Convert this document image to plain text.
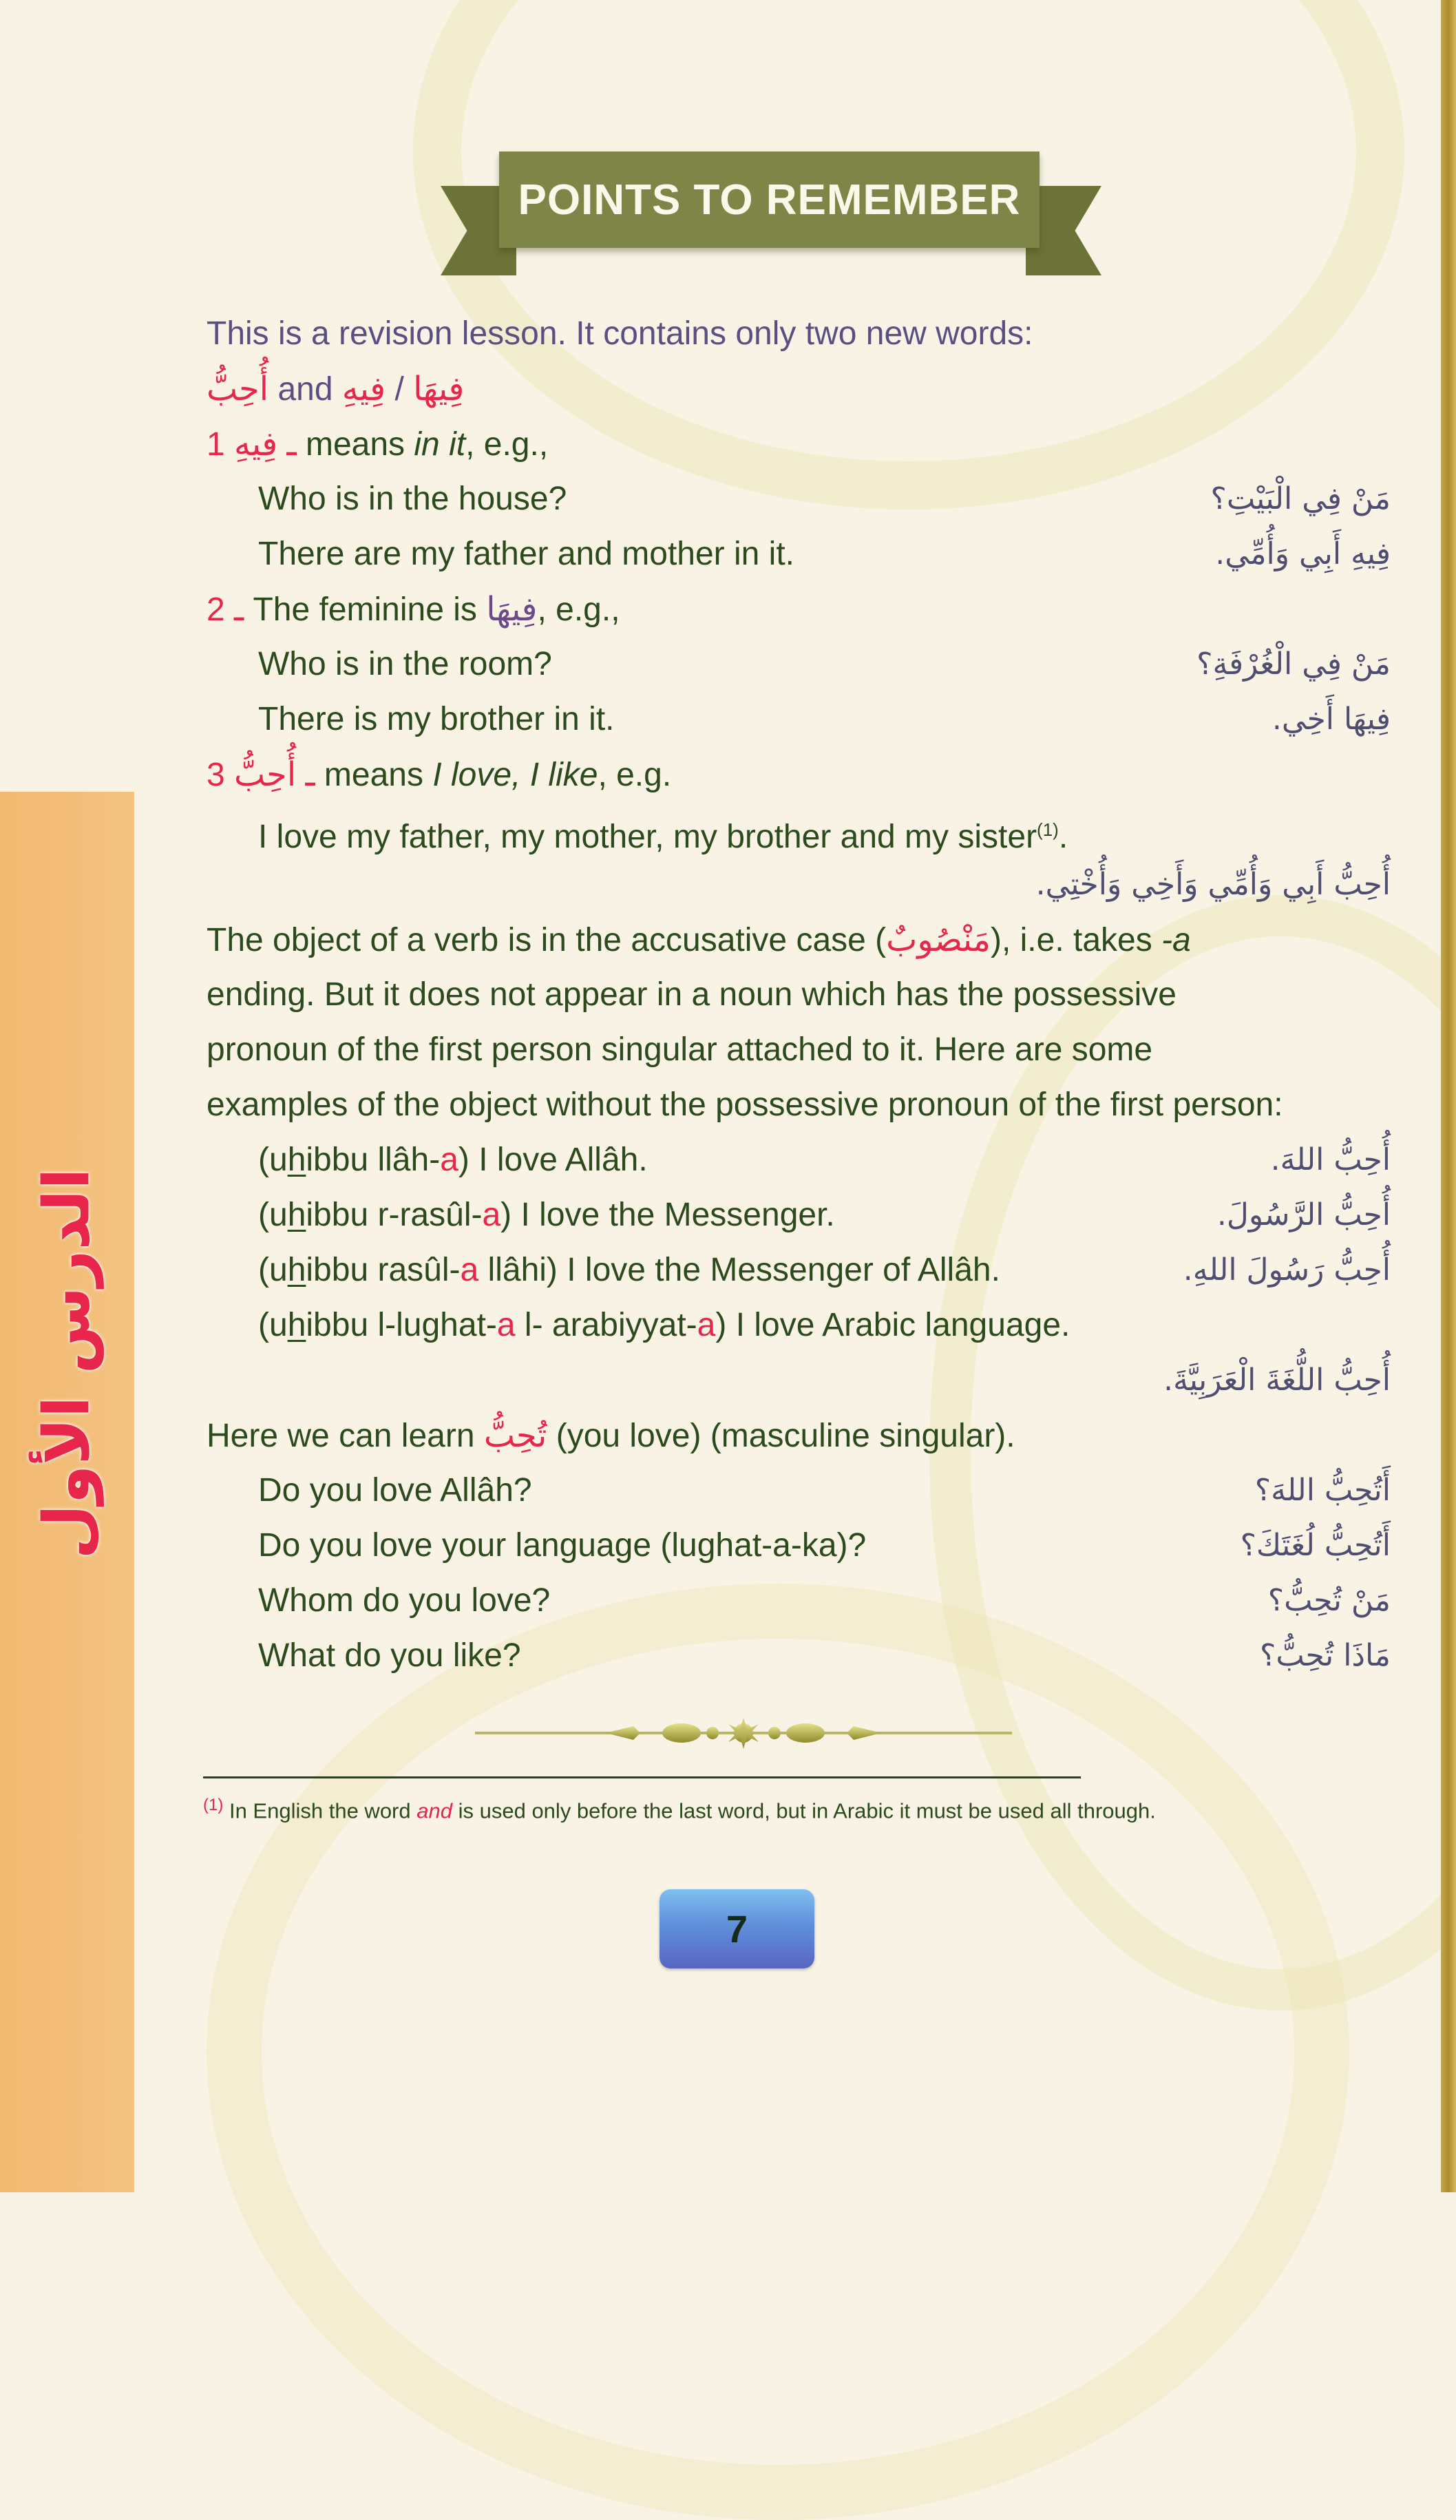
الدرس الأول
POINTS TO REMEMBER
This is a revision lesson. It contains only two new words:
أُحِبُّ and فِيهَا / فِيهِ
1 ـ فِيهِ means in it, e.g.,
Who is in the house?	مَنْ فِي الْبَيْتِ؟
There are my father and mother in it.	فِيهِ أَبِي وَأُمِّي.
2 ـ The feminine is فِيهَا, e.g.,
Who is in the room?	مَنْ فِي الْغُرْفَةِ؟
There is my brother in it.	فِيهَا أَخِي.
3 ـ أُحِبُّ means I love, I like, e.g.
I love my father, my mother, my brother and my sister$^{(1)}$.
أُحِبُّ أَبِي وَأُمِّي وَأَخِي وَأُخْتِي.
The object of a verb is in the accusative case (مَنْصُوبٌ), i.e. takes -a
ending. But it does not appear in a noun which has the possessive
pronoun of the first person singular attached to it. Here are some
examples of the object without the possessive pronoun of the first person:
(uhibbu llâh-a) I love Allâh.	أُحِبُّ اللهَ.
(uhibbu r-rasûl-a) I love the Messenger.	أُحِبُّ الرَّسُولَ.
(uhibbu rasûl-a llâhi) I love the Messenger of Allâh.	أُحِبُّ رَسُولَ اللهِ.
(uhibbu l-lughat-a l- arabiyyat-a) I love Arabic language.
أُحِبُّ اللُّغَةَ الْعَرَبِيَّةَ.
Here we can learn تُحِبُّ (you love) (masculine singular).
Do you love Allâh?	أَتُحِبُّ اللهَ؟
Do you love your language (lughat-a-ka)?	أَتُحِبُّ لُغَتَكَ؟
Whom do you love?	مَنْ تُحِبُّ؟
What do you like?	مَاذَا تُحِبُّ؟
$^{(1)}$ In English the word and is used only before the last word, but in Arabic it must be used all through.
7
